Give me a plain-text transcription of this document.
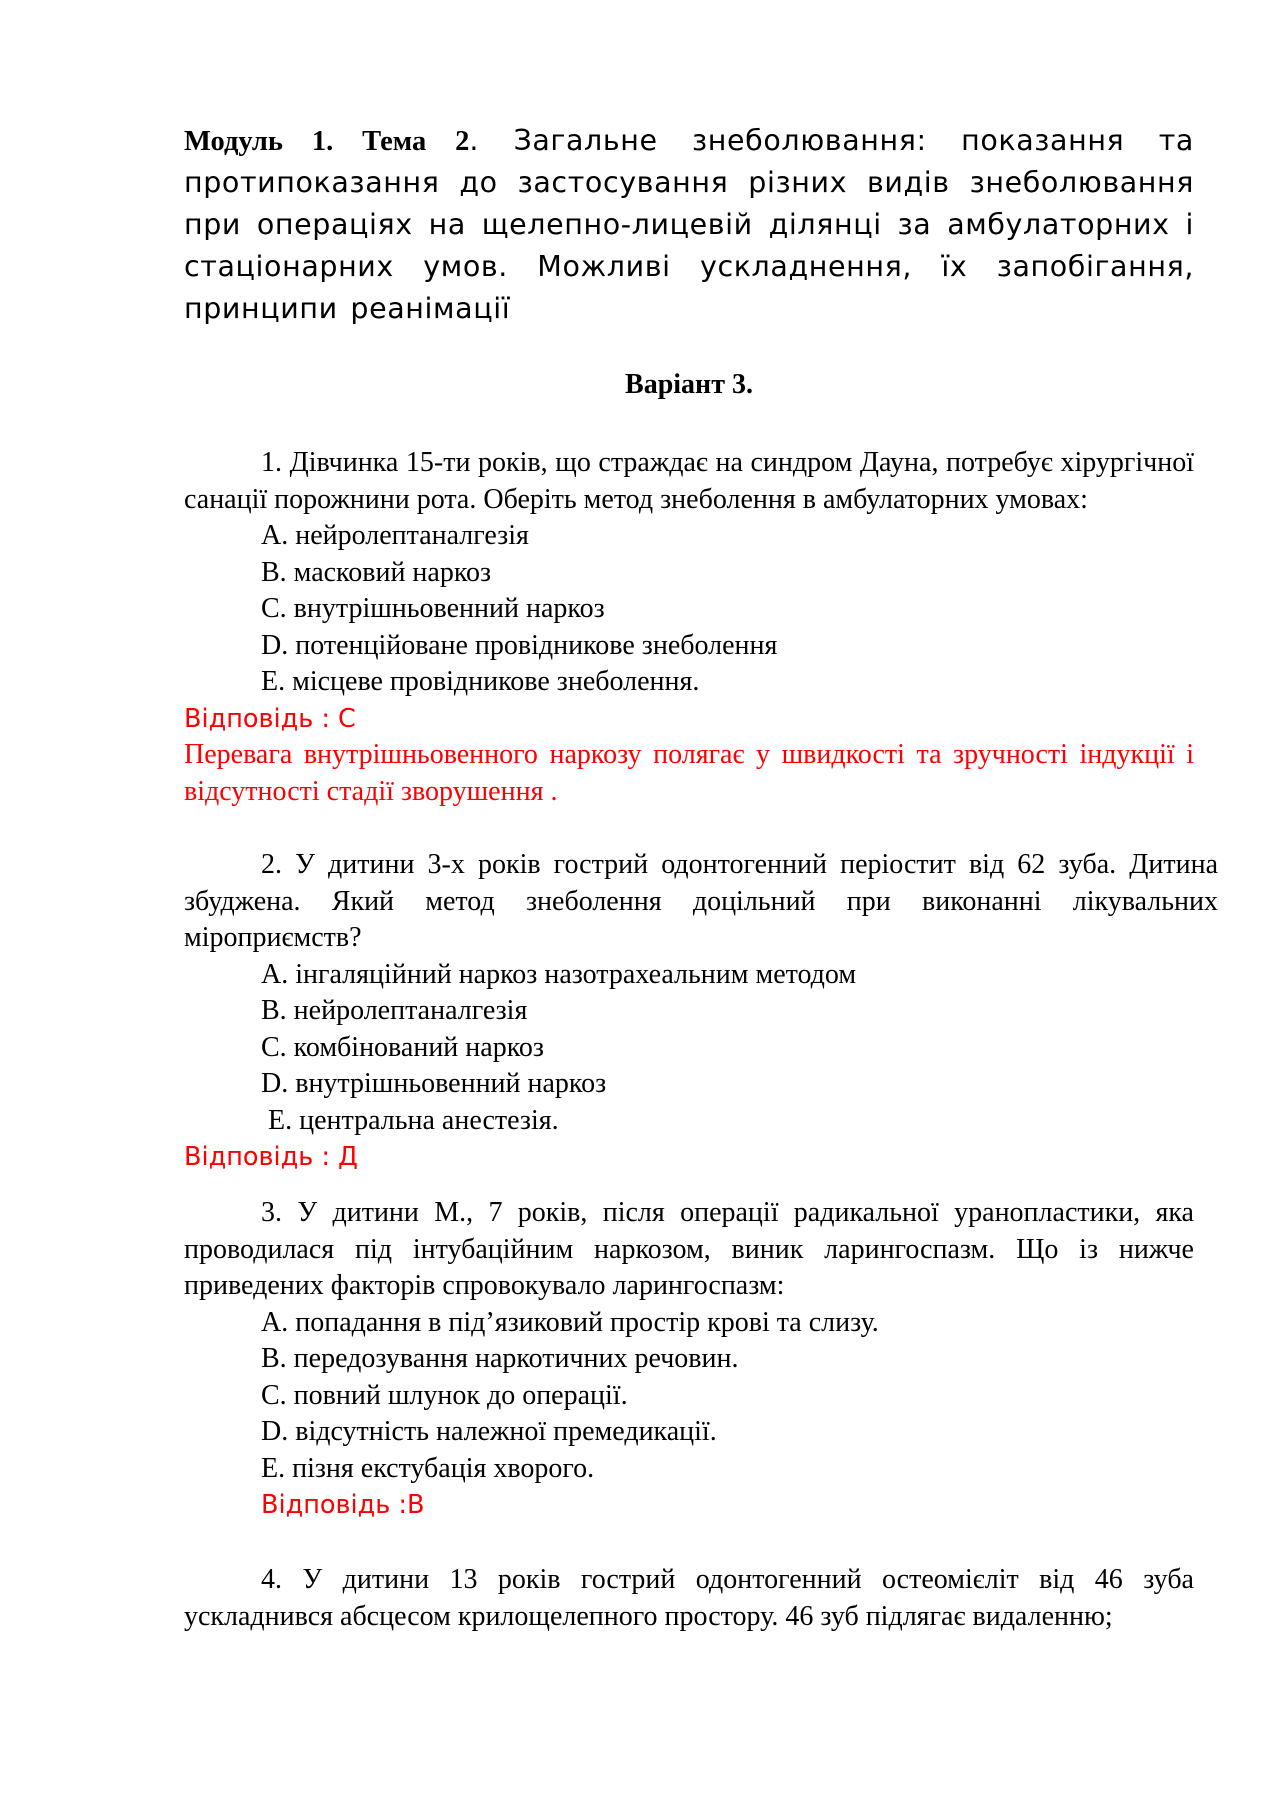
Модуль 1. Тема 2. Загальне знеболювання: показання та протипоказання до застосування різних видів знеболювання при операціях на щелепно-лицевій ділянці за амбулаторних і стаціонарних умов. Можливі ускладнення, їх запобігання, принципи реанімації
Варіант 3.

1. Дівчинка 15-ти років, що страждає на синдром Дауна, потребує хірургічної санації порожнини рота. Оберіть метод знеболення в амбулаторних умовах:

A. нейролептаналгезія

B. масковий наркоз

C. внутрішньовенний наркоз

D. потенційоване провідникове знеболення

E. місцеве провідникове знеболення.

Відповідь : С

Перевага внутрішньовенного наркозу полягає у швидкості та зручності індукції і відсутності стадії зворушення .

2. У дитини 3-х років гострий одонтогенний періостит від 62 зуба. Дитина збуджена. Який метод знеболення доцільний при виконанні лікувальних міроприємств?

A. інгаляційний наркоз назотрахеальним методом

B. нейролептаналгезія

C. комбінований наркоз

D. внутрішньовенний наркоз

E. центральна анестезія.

Відповідь : Д

3. У дитини М., 7 років, після операції радикальної уранопластики, яка проводилася під інтубаційним наркозом, виник ларингоспазм. Що із нижче приведених факторів спровокувало ларингоспазм:

A. попадання в під’язиковий простір крові та слизу.

B. передозування наркотичних речовин.

C. повний шлунок до операції.

D. відсутність належної премедикації.

E. пізня екстубація хворого.

Відповідь :В

4. У дитини 13 років гострий одонтогенний остеомієліт від 46 зуба ускладнився абсцесом крилощелепного простору. 46 зуб підлягає видаленню;
